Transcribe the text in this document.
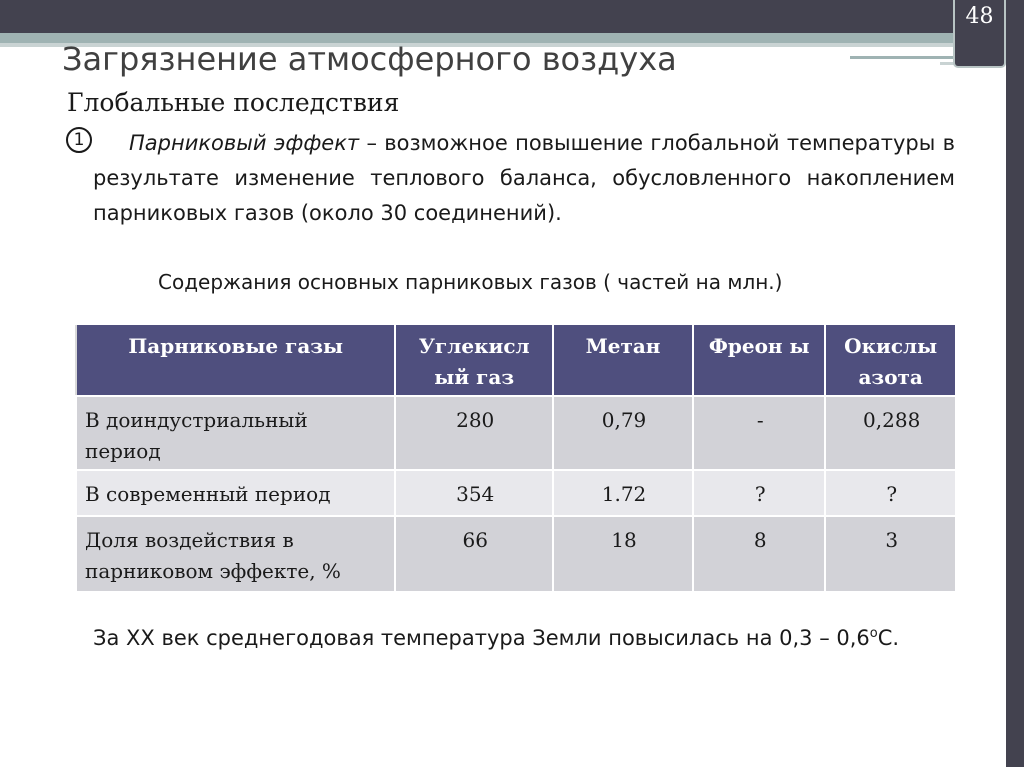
48
Загрязнение атмосферного воздуха
Глобальные последствия
1	Парниковый эффект – возможное повышение глобальной температуры в результате изменение теплового баланса, обусловленного накоплением парниковых газов (около 30 соединений).
Содержания основных парниковых газов ( частей на млн.)
Парниковые газы	Углекисл ый газ	Метан	Фреон ы	Окислы азота
В доиндустриальный период	280	0,79	-	0,288
В современный период	354	1.72	?	?
Доля воздействия в парниковом эффекте, %	66	18	8	3
За XX век среднегодовая температура Земли повысилась на $0,3 - 0,6^оС$.
